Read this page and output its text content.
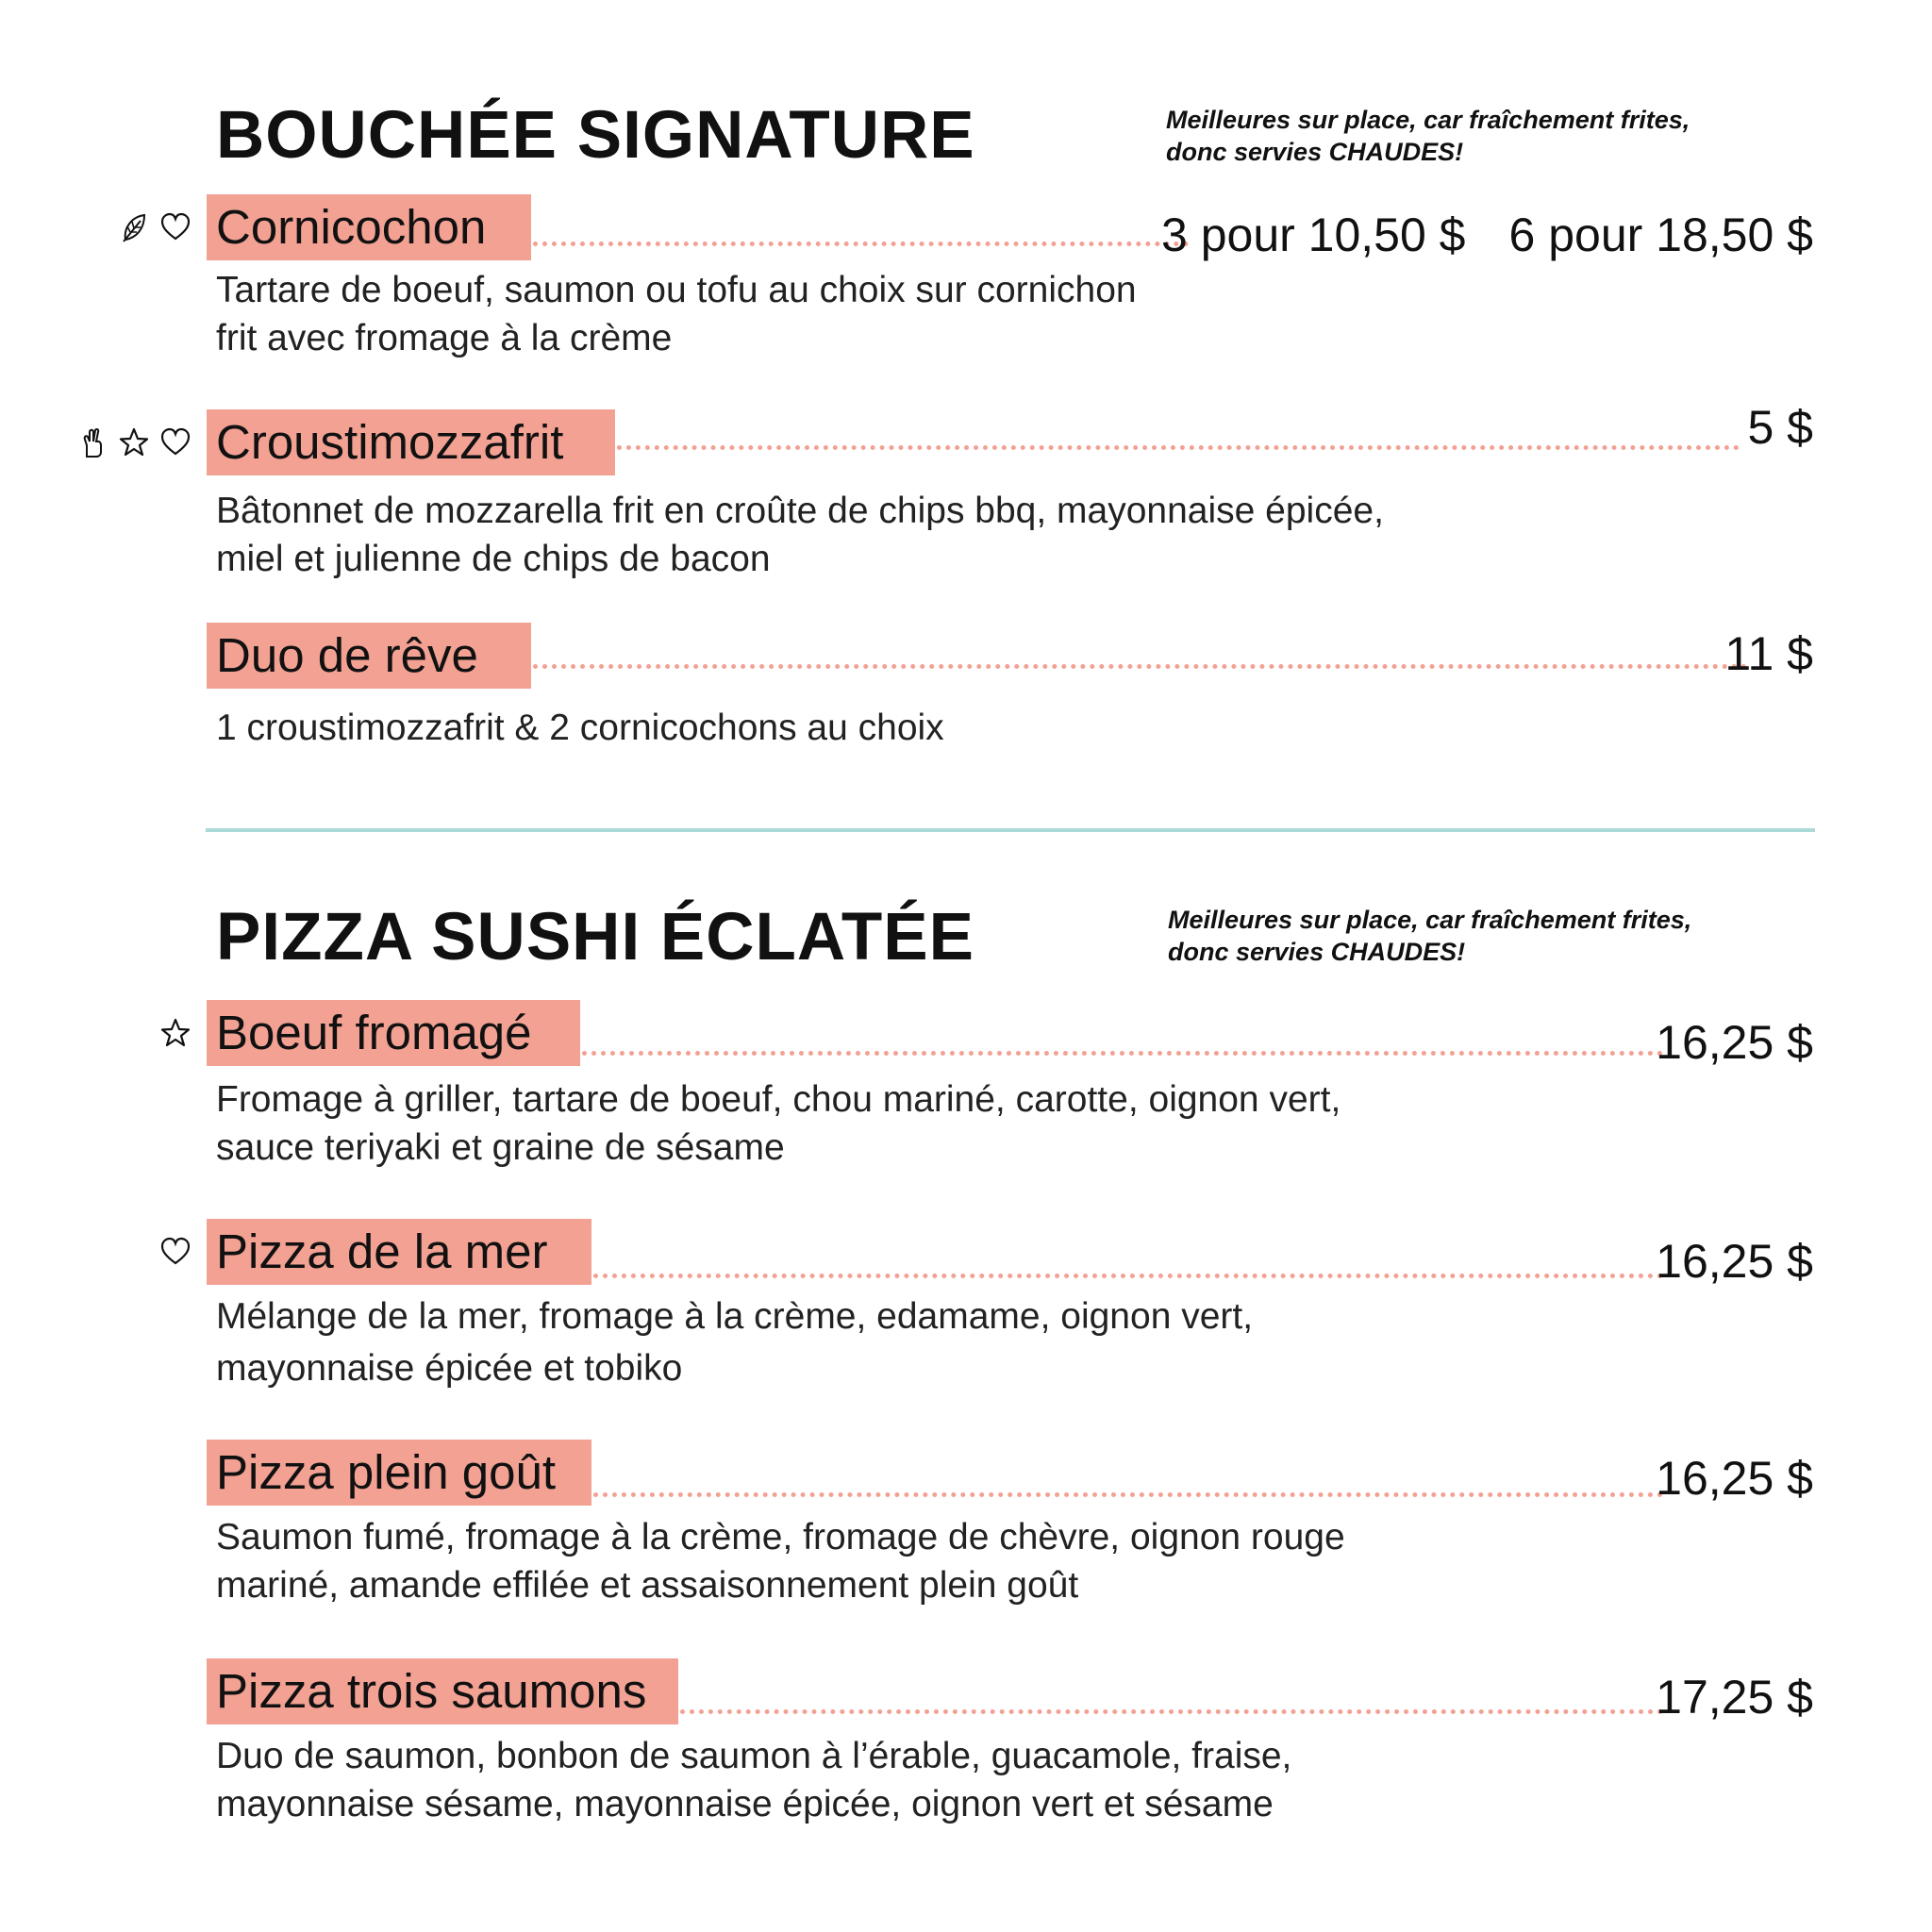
BOUCHÉE SIGNATURE	Meilleures sur place, car fraîchement frites,
donc servies CHAUDES!
Cornicochon	3 pour 10,50 $ 6 pour 18,50 $
Tartare de boeuf, saumon ou tofu au choix sur cornichon
frit avec fromage à la crème
Croustimozzafrit	5 $
Bâtonnet de mozzarella frit en croûte de chips bbq, mayonnaise épicée,
miel et julienne de chips de bacon
Duo de rêve	11 $
1 croustimozzafrit & 2 cornicochons au choix
PIZZA SUSHI ÉCLATÉE	Meilleures sur place, car fraîchement frites,
donc servies CHAUDES!
Boeuf fromagé	16,25 $
Fromage à griller, tartare de boeuf, chou mariné, carotte, oignon vert,
sauce teriyaki et graine de sésame
Pizza de la mer	16,25 $
Mélange de la mer, fromage à la crème, edamame, oignon vert,
mayonnaise épicée et tobiko
Pizza plein goût	16,25 $
Saumon fumé, fromage à la crème, fromage de chèvre, oignon rouge
mariné, amande effilée et assaisonnement plein goût
Pizza trois saumons	17,25 $
Duo de saumon, bonbon de saumon à l’érable, guacamole, fraise,
mayonnaise sésame, mayonnaise épicée, oignon vert et sésame
